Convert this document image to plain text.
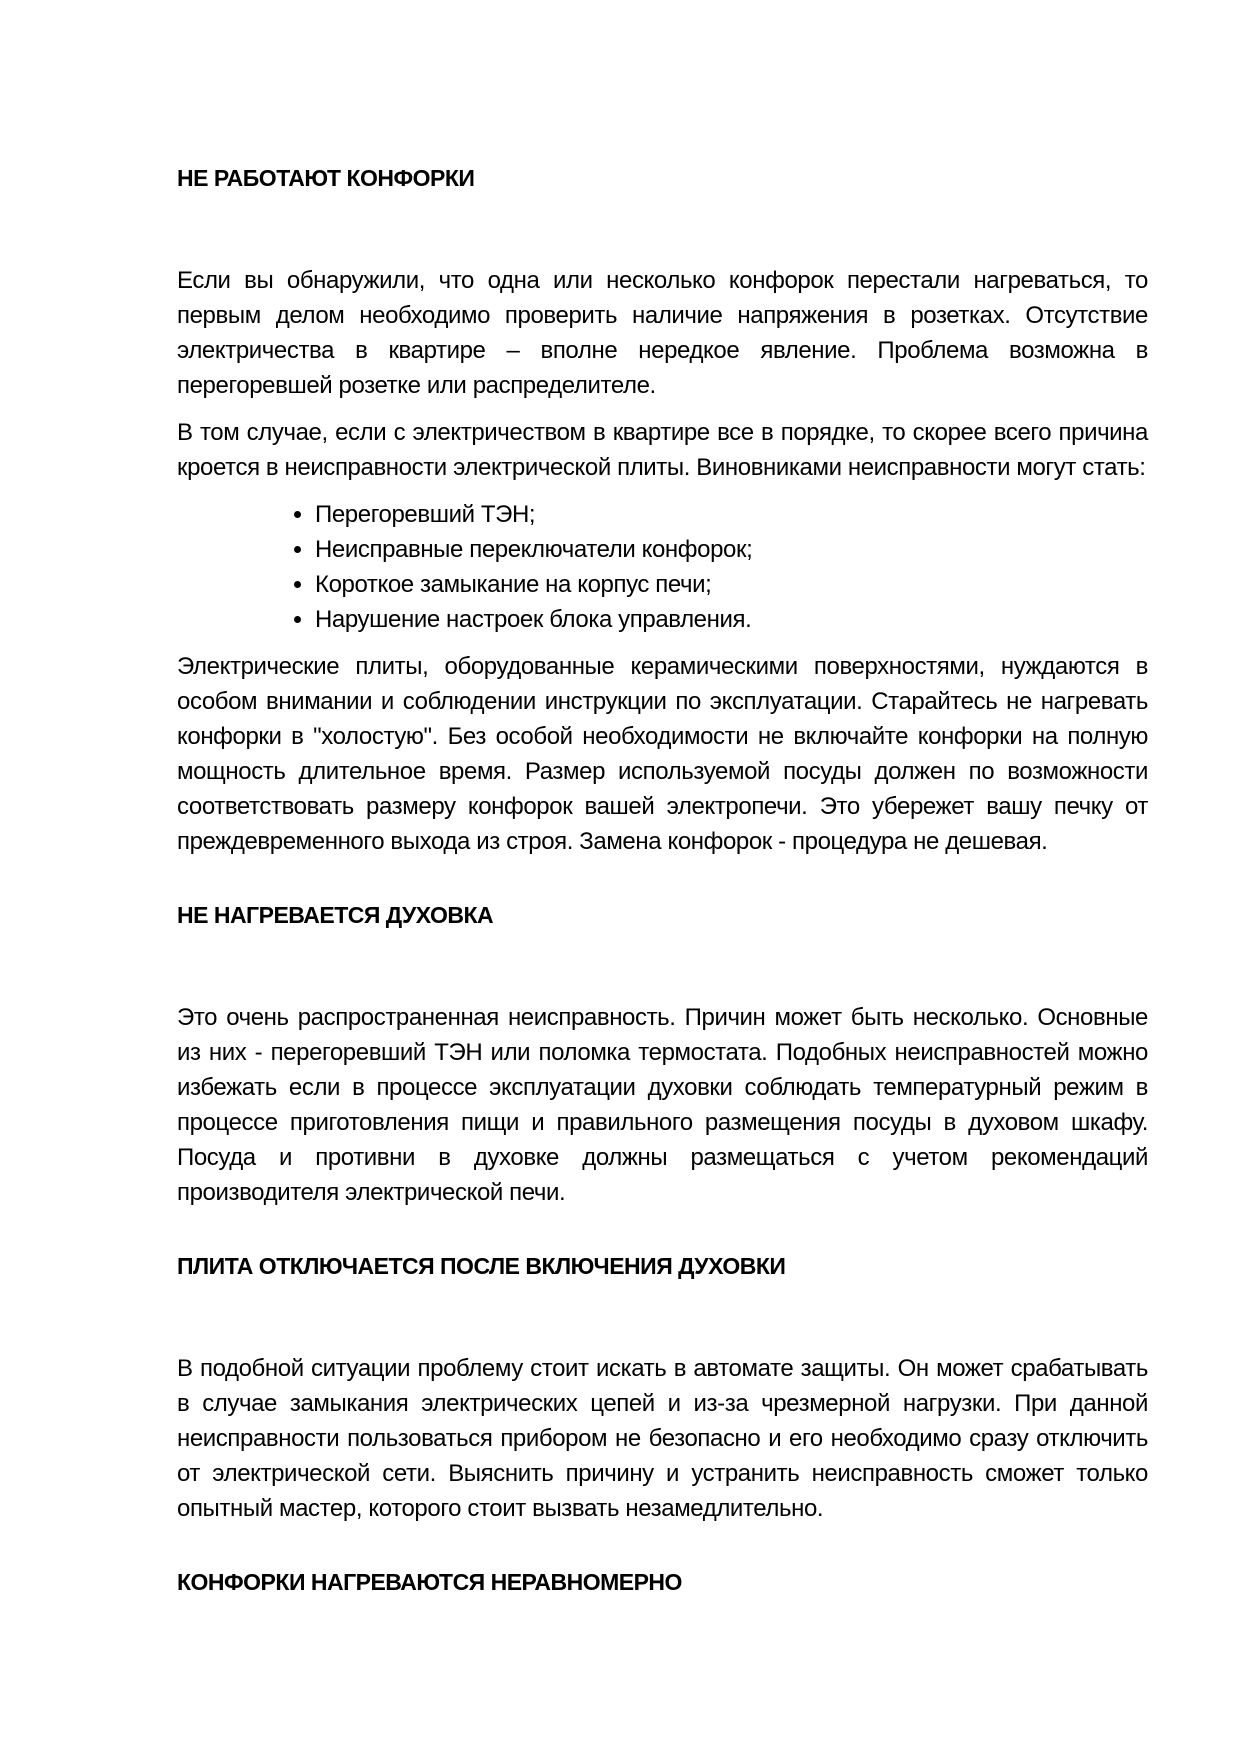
НЕ РАБОТАЮТ КОНФОРКИ

Если вы обнаружили, что одна или несколько конфорок перестали нагреваться, то первым делом необходимо проверить наличие напряжения в розетках. Отсутствие электричества в квартире – вполне нередкое явление. Проблема возможна в перегоревшей розетке или распределителе.

В том случае, если с электричеством в квартире все в порядке, то скорее всего причина кроется в неисправности электрической плиты. Виновниками неисправности могут стать:

• Перегоревший ТЭН;
• Неисправные переключатели конфорок;
• Короткое замыкание на корпус печи;
• Нарушение настроек блока управления.

Электрические плиты, оборудованные керамическими поверхностями, нуждаются в особом внимании и соблюдении инструкции по эксплуатации. Старайтесь не нагревать конфорки в "холостую". Без особой необходимости не включайте конфорки на полную мощность длительное время. Размер используемой посуды должен по возможности соответствовать размеру конфорок вашей электропечи. Это убережет вашу печку от преждевременного выхода из строя. Замена конфорок - процедура не дешевая.

НЕ НАГРЕВАЕТСЯ ДУХОВКА

Это очень распространенная неисправность. Причин может быть несколько. Основные из них - перегоревший ТЭН или поломка термостата. Подобных неисправностей можно избежать если в процессе эксплуатации духовки соблюдать температурный режим в процессе приготовления пищи и правильного размещения посуды в духовом шкафу. Посуда и противни в духовке должны размещаться с учетом рекомендаций производителя электрической печи.

ПЛИТА ОТКЛЮЧАЕТСЯ ПОСЛЕ ВКЛЮЧЕНИЯ ДУХОВКИ

В подобной ситуации проблему стоит искать в автомате защиты. Он может срабатывать в случае замыкания электрических цепей и из-за чрезмерной нагрузки. При данной неисправности пользоваться прибором не безопасно и его необходимо сразу отключить от электрической сети. Выяснить причину и устранить неисправность сможет только опытный мастер, которого стоит вызвать незамедлительно.

КОНФОРКИ НАГРЕВАЮТСЯ НЕРАВНОМЕРНО
